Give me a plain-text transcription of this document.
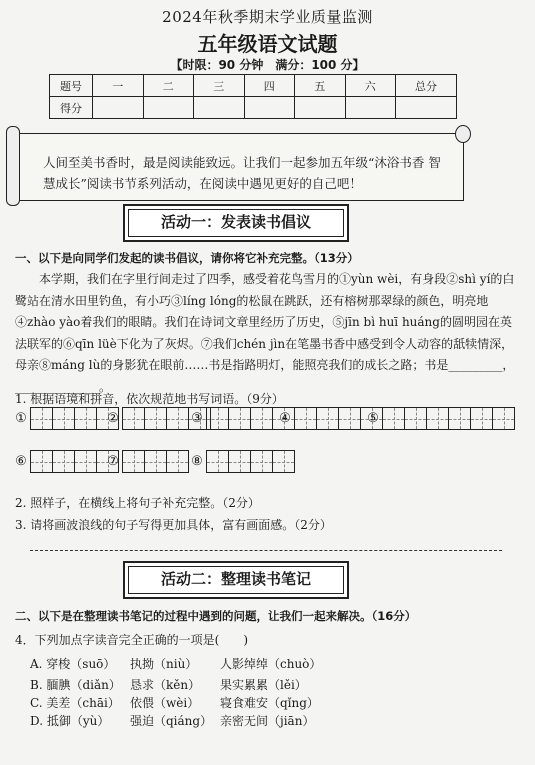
2024年秋季期末学业质量监测
五年级语文试题
【时限：90 分钟　满分：100 分】
题号	一	二	三	四	五	六	总分
得分							

人间至美书香时，最是阅读能致远。让我们一起参加五年级“沐浴书香 智慧成长”阅读书节系列活动，在阅读中遇见更好的自己吧！

活动一：发表读书倡议
一、以下是向同学们发起的读书倡议，请你将它补充完整。（13分）

本学期，我们在字里行间走过了四季，感受着花鸟雪月的①yùn wèi，有身段②shì yí的白鹭站在清水田里钓鱼，有小巧③líng lóng的松鼠在跳跃，还有榕树那翠绿的颜色，明亮地④zhào yào着我们的眼睛。我们在诗词文章里经历了历史，⑤jīn bì huī huáng的圆明园在英法联军的⑥qīn lüè下化为了灰烬。⑦我们chén jìn在笔墨书香中感受到令人动容的舐犊情深，母亲⑧máng lù的身影犹在眼前……书是指路明灯，能照亮我们的成长之路；书是_________，______________。

1. 根据语境和拼音，依次规范地书写词语。（9分）
①	②	③	④	⑤
⑥	⑦	⑧
2. 照样子，在横线上将句子补充完整。（2分）
3. 请将画波浪线的句子写得更加具体，富有画面感。（2分）
活动二：整理读书笔记
二、以下是在整理读书笔记的过程中遇到的问题，让我们一起来解决。（16分）
4．下列加点字读音完全正确的一项是(　　)
A. 穿梭（suō） 执拗（niù） 人影绰绰（chuò）
B. 腼腆（diǎn） 恳求（kěn） 果实累累（lěi）
C. 美差（chāi） 依偎（wèi） 寝食难安（qǐng）
D. 抵御（yù） 强迫（qiáng） 亲密无间（jiān）
